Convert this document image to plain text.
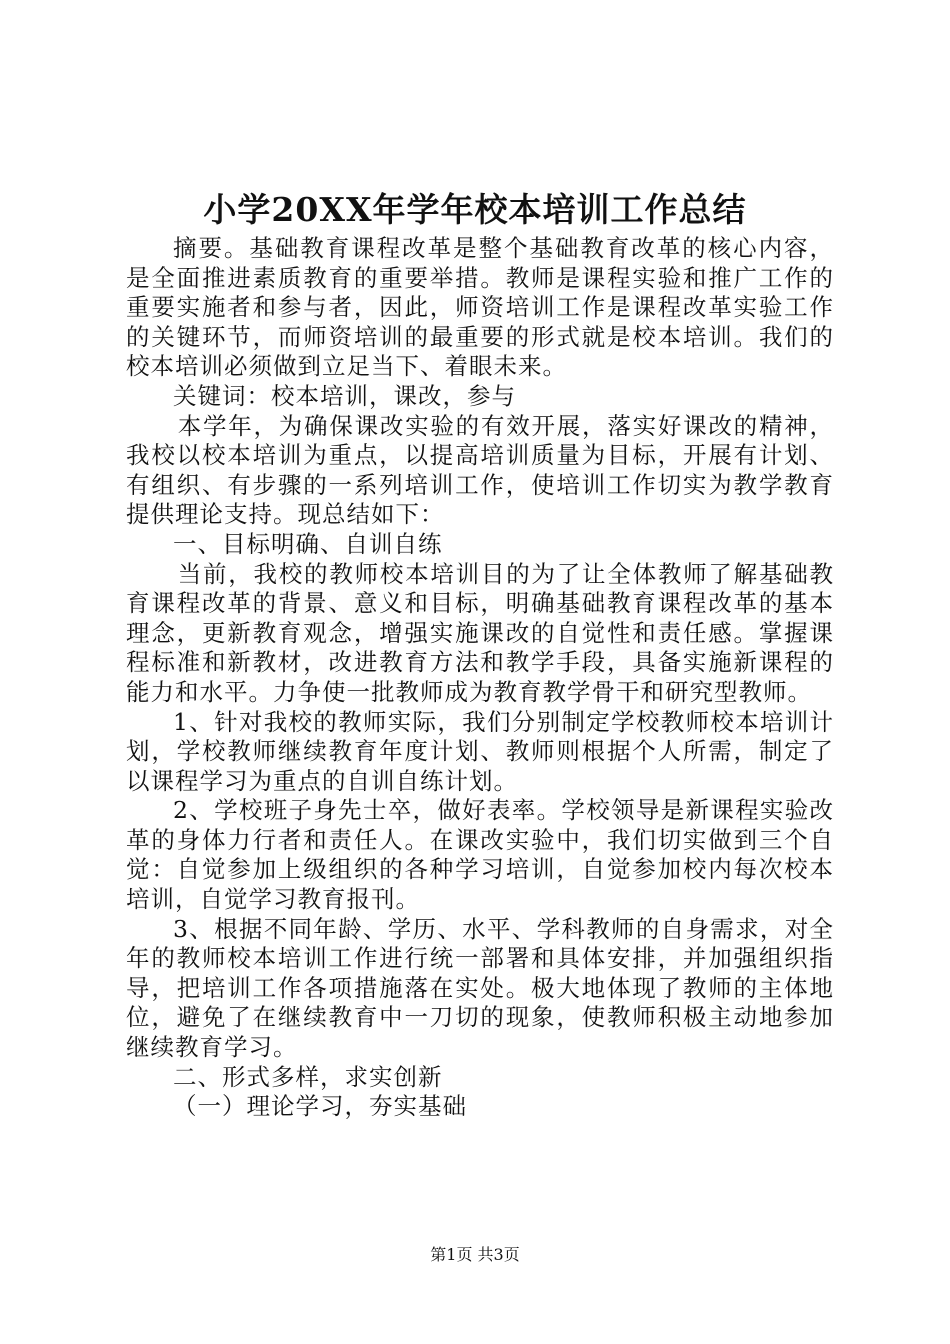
小学20XX年学年校本培训工作总结

摘要。基础教育课程改革是整个基础教育改革的核心内容，是全面推进素质教育的重要举措。教师是课程实验和推广工作的重要实施者和参与者，因此，师资培训工作是课程改革实验工作的关键环节，而师资培训的最重要的形式就是校本培训。我们的校本培训必须做到立足当下、着眼未来。

关键词：校本培训，课改，参与

本学年，为确保课改实验的有效开展，落实好课改的精神，我校以校本培训为重点，以提高培训质量为目标，开展有计划、有组织、有步骤的一系列培训工作，使培训工作切实为教学教育提供理论支持。现总结如下：

一、目标明确、自训自练

当前，我校的教师校本培训目的为了让全体教师了解基础教育课程改革的背景、意义和目标，明确基础教育课程改革的基本理念，更新教育观念，增强实施课改的自觉性和责任感。掌握课程标准和新教材，改进教育方法和教学手段，具备实施新课程的能力和水平。力争使一批教师成为教育教学骨干和研究型教师。

1、针对我校的教师实际，我们分别制定学校教师校本培训计划，学校教师继续教育年度计划、教师则根据个人所需，制定了以课程学习为重点的自训自练计划。

2、学校班子身先士卒，做好表率。学校领导是新课程实验改革的身体力行者和责任人。在课改实验中，我们切实做到三个自觉：自觉参加上级组织的各种学习培训，自觉参加校内每次校本培训，自觉学习教育报刊。

3、根据不同年龄、学历、水平、学科教师的自身需求，对全年的教师校本培训工作进行统一部署和具体安排，并加强组织指导，把培训工作各项措施落在实处。极大地体现了教师的主体地位，避免了在继续教育中一刀切的现象，使教师积极主动地参加继续教育学习。

二、形式多样，求实创新

（一）理论学习，夯实基础

第1页 共3页
